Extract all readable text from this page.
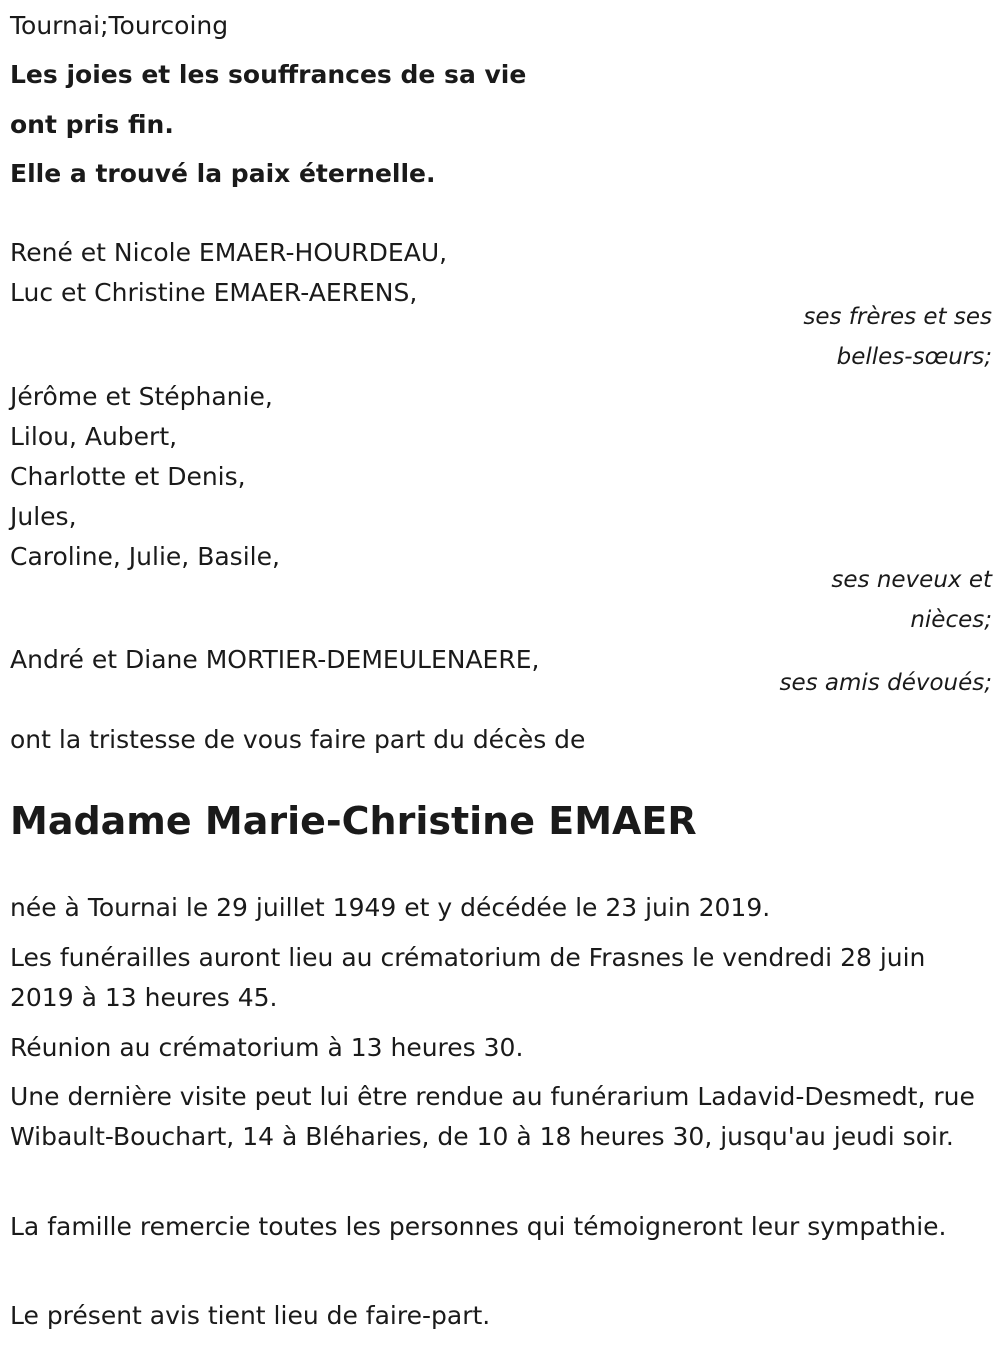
Tournai;Tourcoing
Les joies et les souffrances de sa vie
ont pris fin.
Elle a trouvé la paix éternelle.
René et Nicole EMAER-HOURDEAU,
Luc et Christine EMAER-AERENS,
ses frères et ses
belles-sœurs;
Jérôme et Stéphanie,
Lilou, Aubert,
Charlotte et Denis,
Jules,
Caroline, Julie, Basile,
ses neveux et
nièces;
André et Diane MORTIER-DEMEULENAERE,
ses amis dévoués;
ont la tristesse de vous faire part du décès de
Madame Marie-Christine EMAER
née à Tournai le 29 juillet 1949 et y décédée le 23 juin 2019.
Les funérailles auront lieu au crématorium de Frasnes le vendredi 28 juin 2019 à 13 heures 45.
Réunion au crématorium à 13 heures 30.
Une dernière visite peut lui être rendue au funérarium Ladavid-Desmedt, rue Wibault-Bouchart, 14 à Bléharies, de 10 à 18 heures 30, jusqu'au jeudi soir.
La famille remercie toutes les personnes qui témoigneront leur sympathie.
Le présent avis tient lieu de faire-part.
